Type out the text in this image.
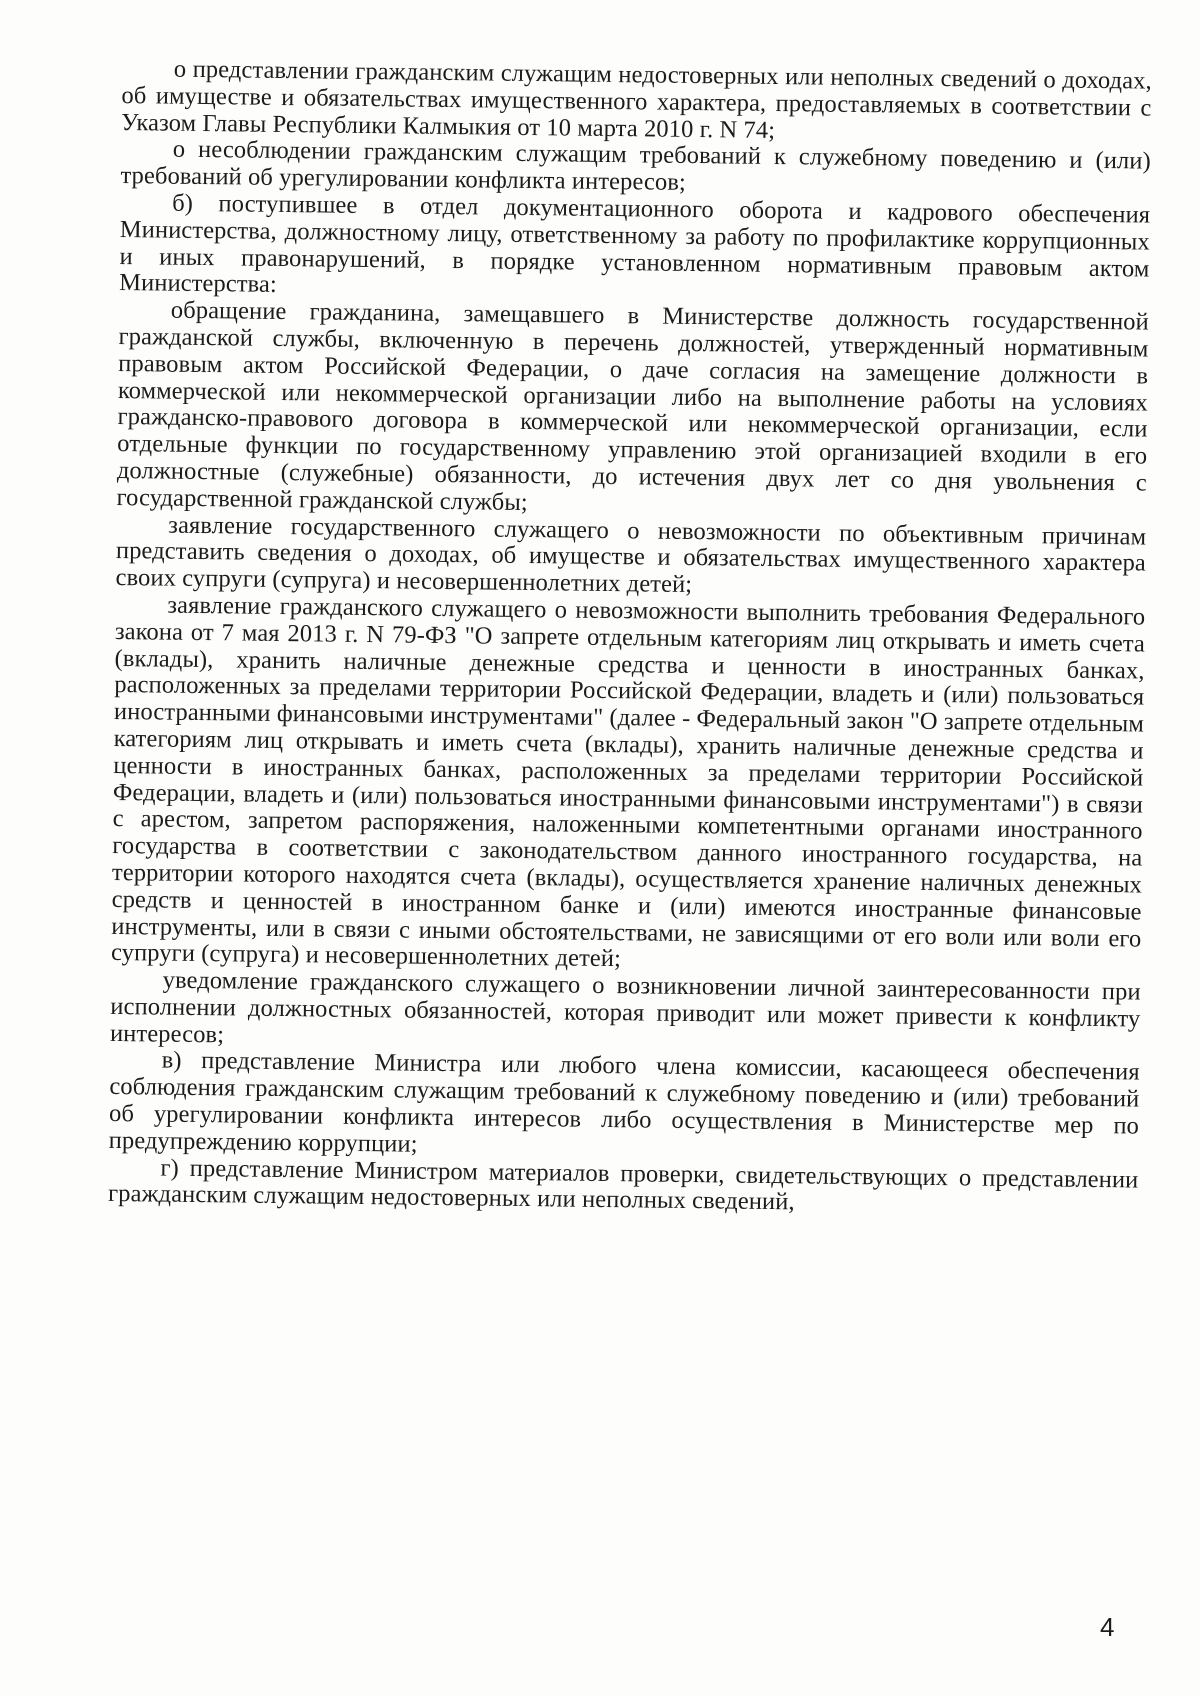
о представлении гражданским служащим недостоверных или неполных сведений о доходах, об имуществе и обязательствах имущественного характера, предоставляемых в соответствии с Указом Главы Республики Калмыкия от 10 марта 2010 г. N 74;

о несоблюдении гражданским служащим требований к служебному поведению и (или) требований об урегулировании конфликта интересов;

б) поступившее в отдел документационного оборота и кадрового обеспечения Министерства, должностному лицу, ответственному за работу по профилактике коррупционных и иных правонарушений, в порядке установленном нормативным правовым актом Министерства:

обращение гражданина, замещавшего в Министерстве должность государственной гражданской службы, включенную в перечень должностей, утвержденный нормативным правовым актом Российской Федерации, о даче согласия на замещение должности в коммерческой или некоммерческой организации либо на выполнение работы на условиях гражданско-правового договора в коммерческой или некоммерческой организации, если отдельные функции по государственному управлению этой организацией входили в его должностные (служебные) обязанности, до истечения двух лет со дня увольнения с государственной гражданской службы;

заявление государственного служащего о невозможности по объективным причинам представить сведения о доходах, об имуществе и обязательствах имущественного характера своих супруги (супруга) и несовершеннолетних детей;

заявление гражданского служащего о невозможности выполнить требования Федерального закона от 7 мая 2013 г. N 79-ФЗ "О запрете отдельным категориям лиц открывать и иметь счета (вклады), хранить наличные денежные средства и ценности в иностранных банках, расположенных за пределами территории Российской Федерации, владеть и (или) пользоваться иностранными финансовыми инструментами" (далее - Федеральный закон "О запрете отдельным категориям лиц открывать и иметь счета (вклады), хранить наличные денежные средства и ценности в иностранных банках, расположенных за пределами территории Российской Федерации, владеть и (или) пользоваться иностранными финансовыми инструментами") в связи с арестом, запретом распоряжения, наложенными компетентными органами иностранного государства в соответствии с законодательством данного иностранного государства, на территории которого находятся счета (вклады), осуществляется хранение наличных денежных средств и ценностей в иностранном банке и (или) имеются иностранные финансовые инструменты, или в связи с иными обстоятельствами, не зависящими от его воли или воли его супруги (супруга) и несовершеннолетних детей;

уведомление гражданского служащего о возникновении личной заинтересованности при исполнении должностных обязанностей, которая приводит или может привести к конфликту интересов;

в) представление Министра или любого члена комиссии, касающееся обеспечения соблюдения гражданским служащим требований к служебному поведению и (или) требований об урегулировании конфликта интересов либо осуществления в Министерстве мер по предупреждению коррупции;

г) представление Министром материалов проверки, свидетельствующих о представлении гражданским служащим недостоверных или неполных сведений,

4
